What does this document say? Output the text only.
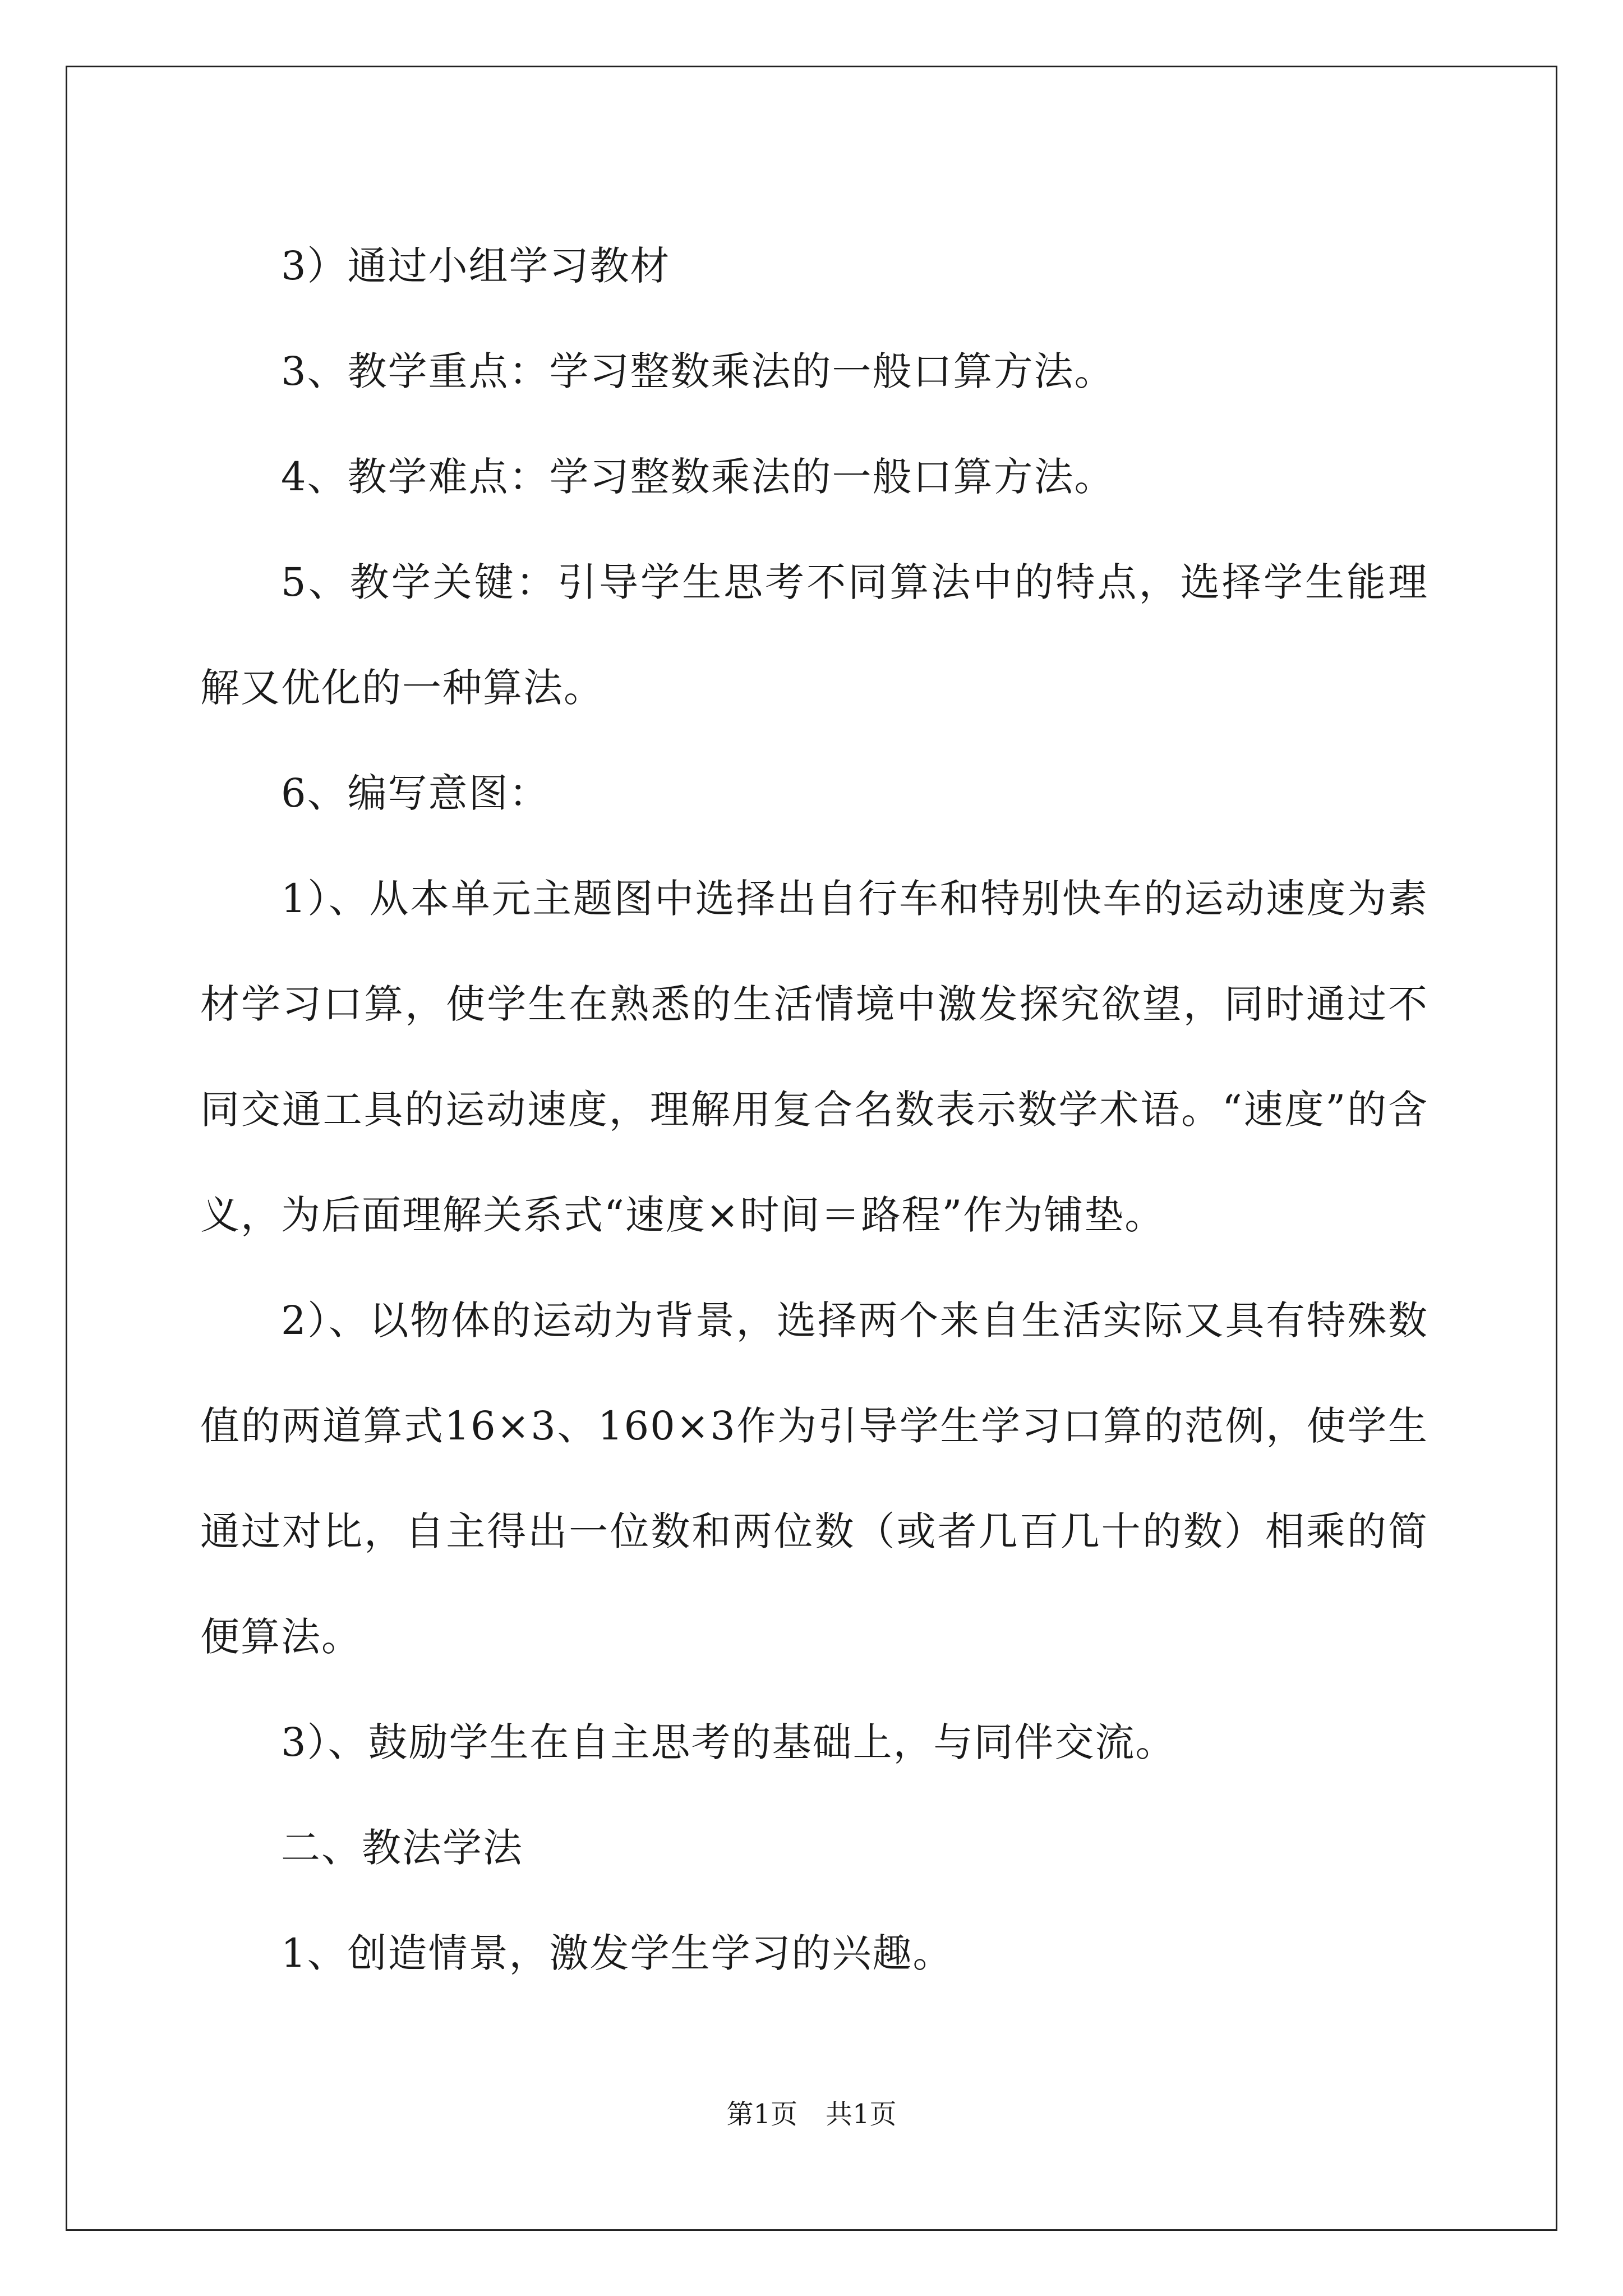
3）通过小组学习教材

3、教学重点：学习整数乘法的一般口算方法。

4、教学难点：学习整数乘法的一般口算方法。

5、教学关键：引导学生思考不同算法中的特点，选择学生能理解又优化的一种算法。

6、编写意图：

1）、从本单元主题图中选择出自行车和特别快车的运动速度为素材学习口算，使学生在熟悉的生活情境中激发探究欲望，同时通过不同交通工具的运动速度，理解用复合名数表示数学术语。“速度”的含义，为后面理解关系式“速度×时间＝路程”作为铺垫。

2）、以物体的运动为背景，选择两个来自生活实际又具有特殊数值的两道算式16×3、160×3作为引导学生学习口算的范例，使学生通过对比，自主得出一位数和两位数（或者几百几十的数）相乘的简便算法。

3）、鼓励学生在自主思考的基础上，与同伴交流。

二、教法学法

1、创造情景，激发学生学习的兴趣。

第1页 共1页
